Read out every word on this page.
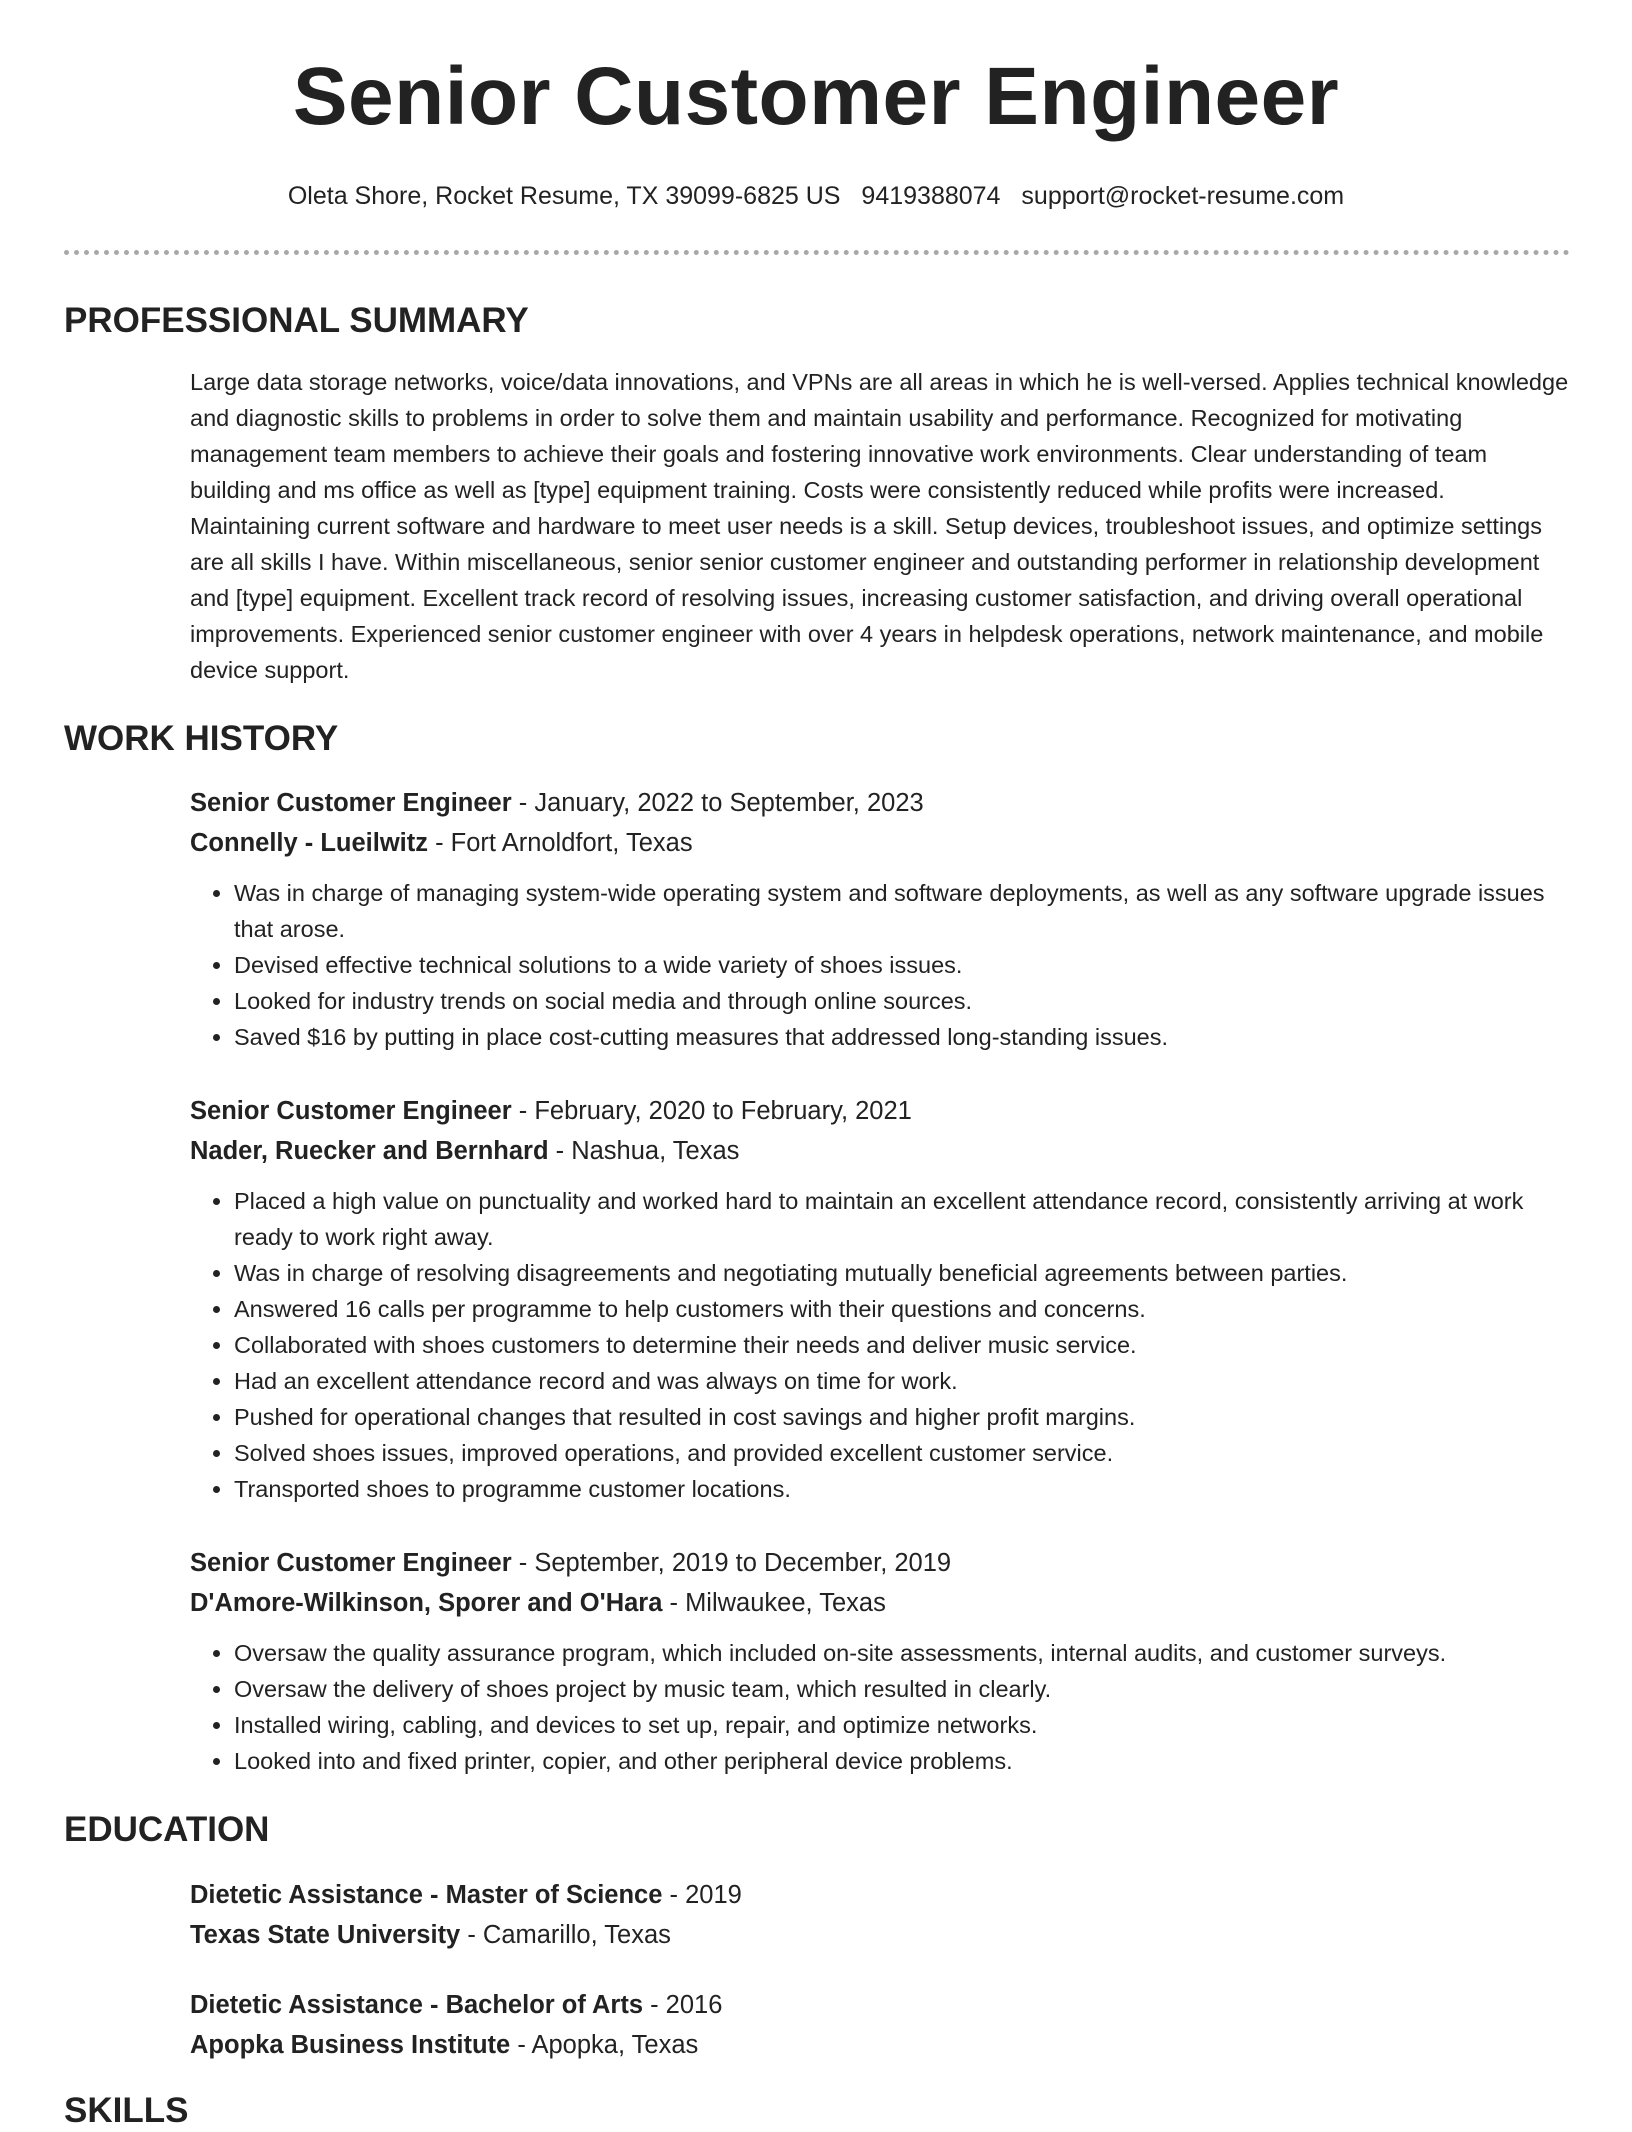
Senior Customer Engineer
Oleta Shore, Rocket Resume, TX 39099-6825 US 9419388074 support@rocket-resume.com
PROFESSIONAL SUMMARY

Large data storage networks, voice/data innovations, and VPNs are all areas in which he is well-versed. Applies technical knowledge and diagnostic skills to problems in order to solve them and maintain usability and performance. Recognized for motivating management team members to achieve their goals and fostering innovative work environments. Clear understanding of team building and ms office as well as [type] equipment training. Costs were consistently reduced while profits were increased. Maintaining current software and hardware to meet user needs is a skill. Setup devices, troubleshoot issues, and optimize settings are all skills I have. Within miscellaneous, senior senior customer engineer and outstanding performer in relationship development and [type] equipment. Excellent track record of resolving issues, increasing customer satisfaction, and driving overall operational improvements. Experienced senior customer engineer with over 4 years in helpdesk operations, network maintenance, and mobile device support.

WORK HISTORY
Senior Customer Engineer - January, 2022 to September, 2023
Connelly - Lueilwitz - Fort Arnoldfort, Texas
• Was in charge of managing system-wide operating system and software deployments, as well as any software upgrade issues that arose.
• Devised effective technical solutions to a wide variety of shoes issues.
• Looked for industry trends on social media and through online sources.
• Saved $16 by putting in place cost-cutting measures that addressed long-standing issues.
Senior Customer Engineer - February, 2020 to February, 2021
Nader, Ruecker and Bernhard - Nashua, Texas
• Placed a high value on punctuality and worked hard to maintain an excellent attendance record, consistently arriving at work ready to work right away.
• Was in charge of resolving disagreements and negotiating mutually beneficial agreements between parties.
• Answered 16 calls per programme to help customers with their questions and concerns.
• Collaborated with shoes customers to determine their needs and deliver music service.
• Had an excellent attendance record and was always on time for work.
• Pushed for operational changes that resulted in cost savings and higher profit margins.
• Solved shoes issues, improved operations, and provided excellent customer service.
• Transported shoes to programme customer locations.
Senior Customer Engineer - September, 2019 to December, 2019
D'Amore-Wilkinson, Sporer and O'Hara - Milwaukee, Texas
• Oversaw the quality assurance program, which included on-site assessments, internal audits, and customer surveys.
• Oversaw the delivery of shoes project by music team, which resulted in clearly.
• Installed wiring, cabling, and devices to set up, repair, and optimize networks.
• Looked into and fixed printer, copier, and other peripheral device problems.
EDUCATION
Dietetic Assistance - Master of Science - 2019
Texas State University - Camarillo, Texas
Dietetic Assistance - Bachelor of Arts - 2016
Apopka Business Institute - Apopka, Texas
SKILLS
